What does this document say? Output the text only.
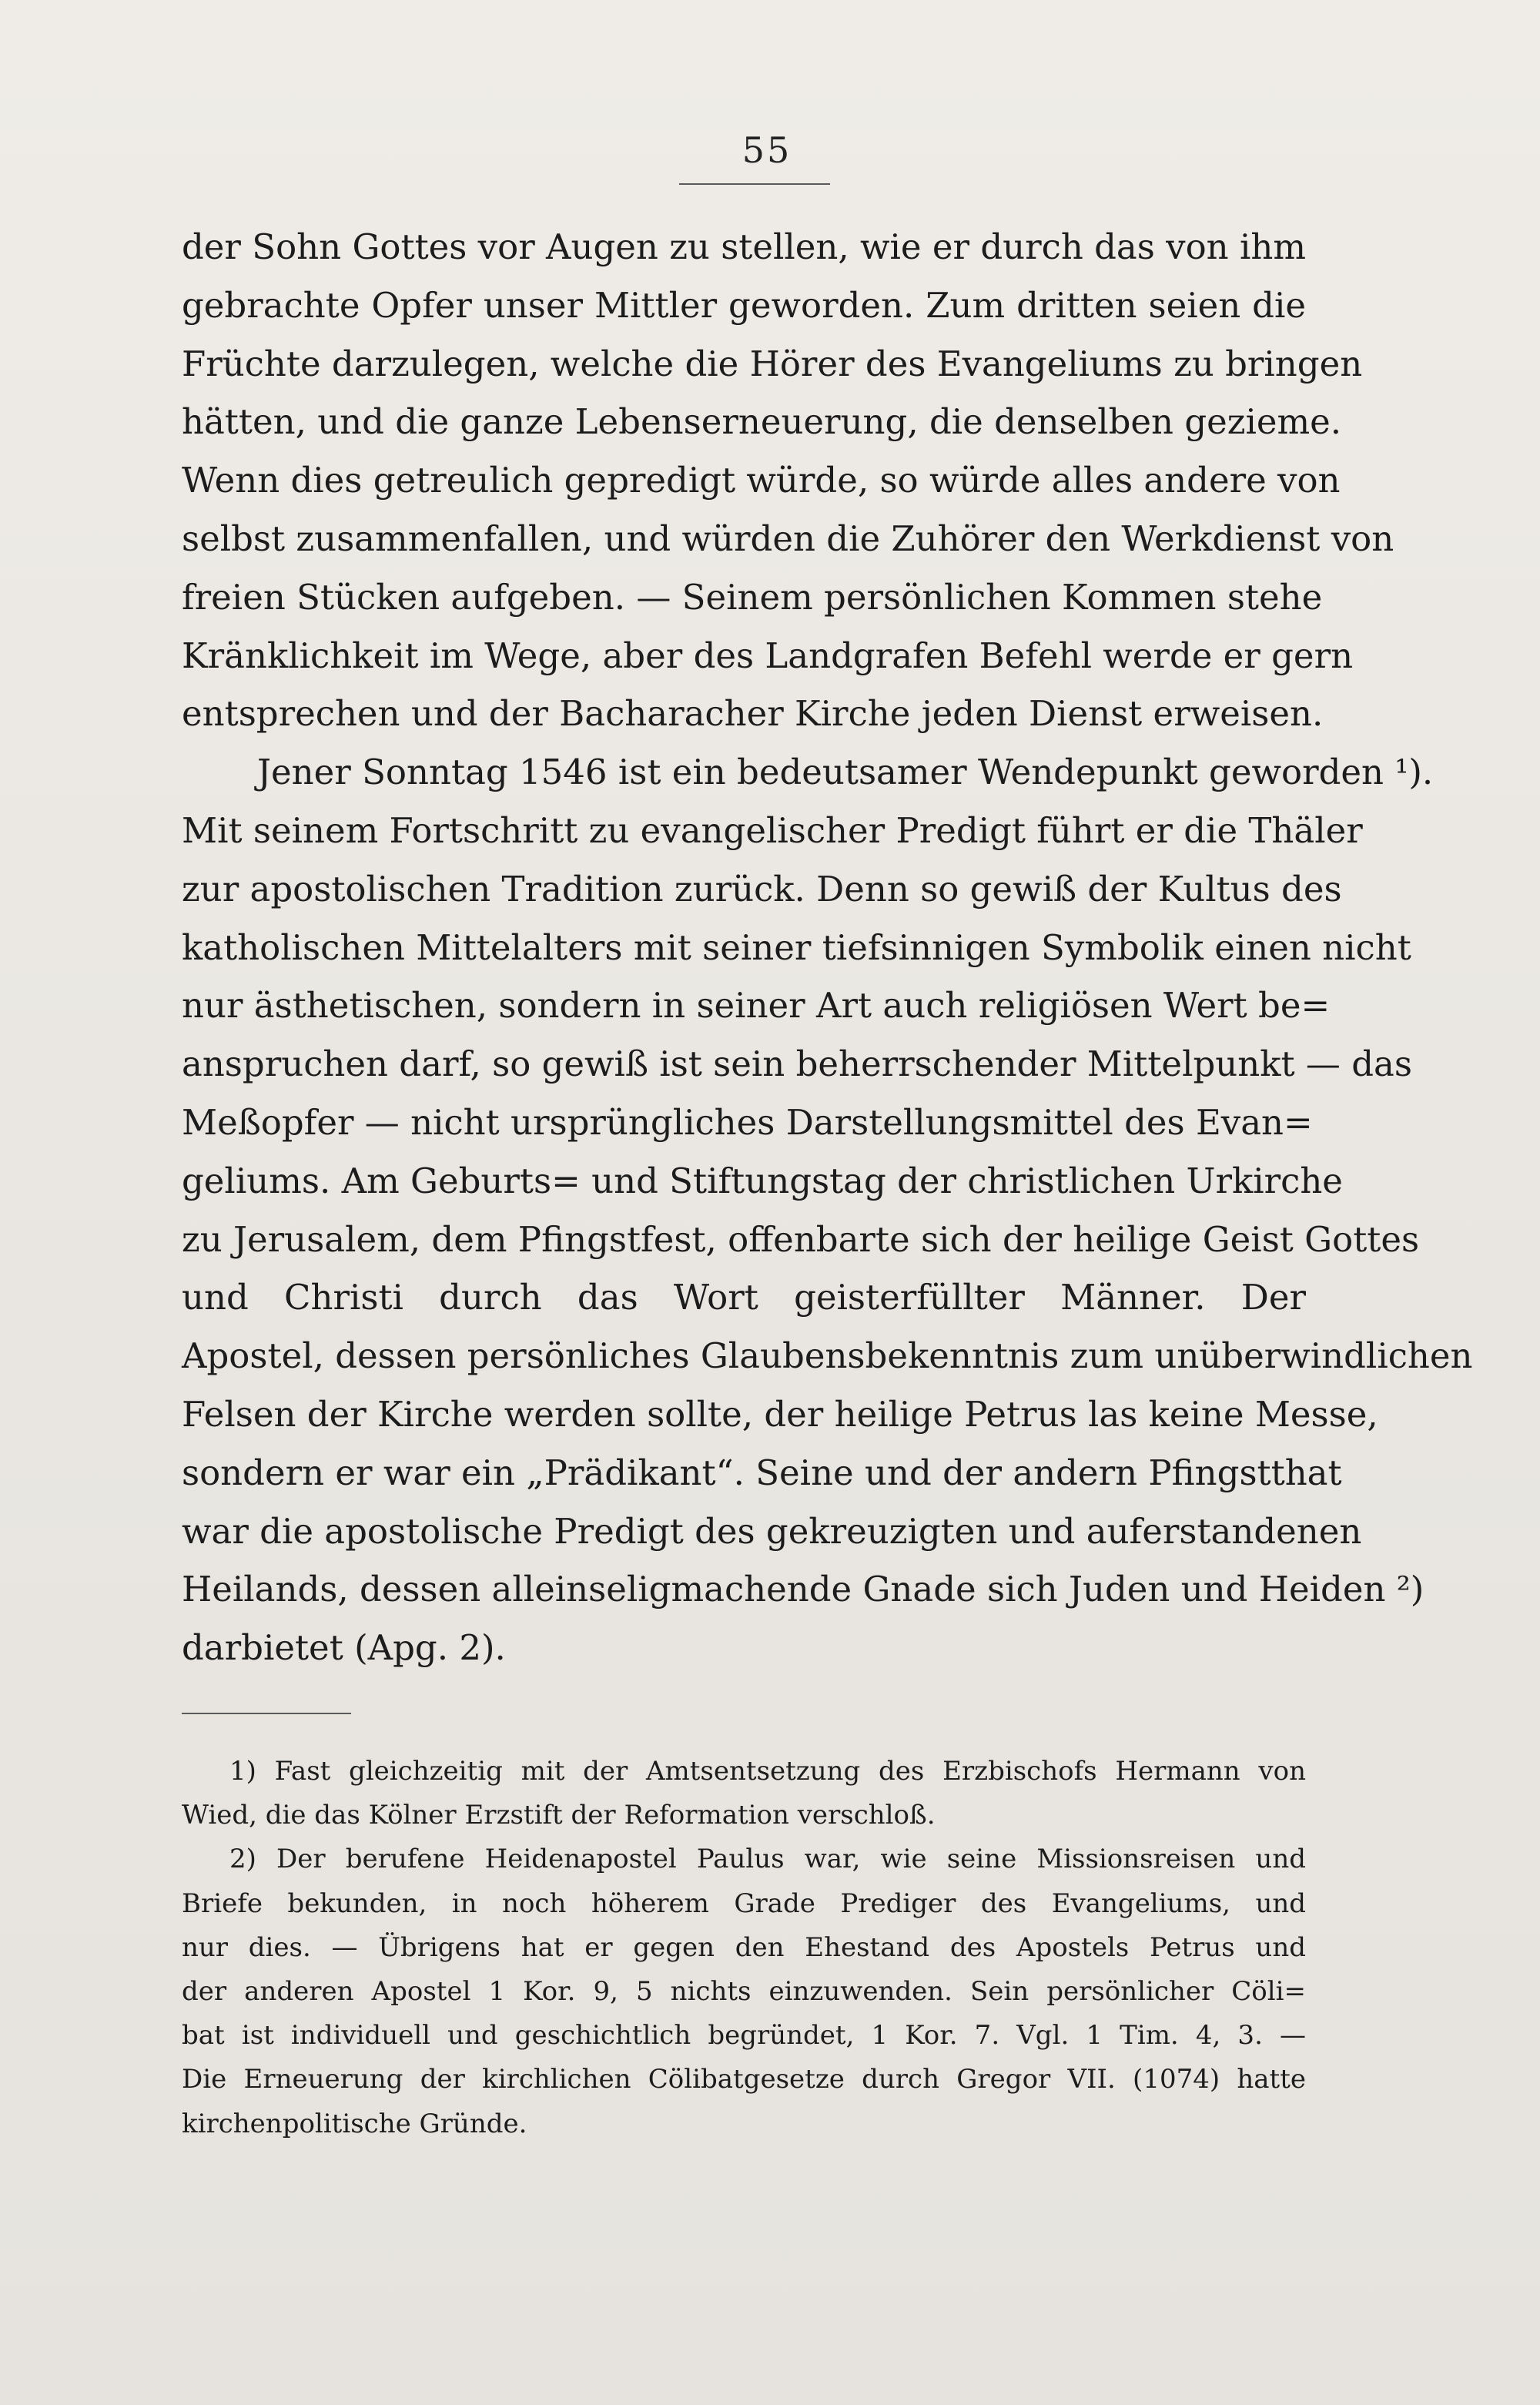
55
der Sohn Gottes vor Augen zu stellen, wie er durch das von ihm
gebrachte Opfer unser Mittler geworden. Zum dritten seien die
Früchte darzulegen, welche die Hörer des Evangeliums zu bringen
hätten, und die ganze Lebenserneuerung, die denselben gezieme.
Wenn dies getreulich gepredigt würde, so würde alles andere von
selbst zusammenfallen, und würden die Zuhörer den Werkdienst von
freien Stücken aufgeben. — Seinem persönlichen Kommen stehe
Kränklichkeit im Wege, aber des Landgrafen Befehl werde er gern
entsprechen und der Bacharacher Kirche jeden Dienst erweisen.
Jener Sonntag 1546 ist ein bedeutsamer Wendepunkt geworden ¹).
Mit seinem Fortschritt zu evangelischer Predigt führt er die Thäler
zur apostolischen Tradition zurück. Denn so gewiß der Kultus des
katholischen Mittelalters mit seiner tiefsinnigen Symbolik einen nicht
nur ästhetischen, sondern in seiner Art auch religiösen Wert be=
anspruchen darf, so gewiß ist sein beherrschender Mittelpunkt — das
Meßopfer — nicht ursprüngliches Darstellungsmittel des Evan=
geliums. Am Geburts= und Stiftungstag der christlichen Urkirche
zu Jerusalem, dem Pfingstfest, offenbarte sich der heilige Geist Gottes
und Christi durch das Wort geisterfüllter Männer. Der
Apostel, dessen persönliches Glaubensbekenntnis zum unüberwindlichen
Felsen der Kirche werden sollte, der heilige Petrus las keine Messe,
sondern er war ein „Prädikant“. Seine und der andern Pfingstthat
war die apostolische Predigt des gekreuzigten und auferstandenen
Heilands, dessen alleinseligmachende Gnade sich Juden und Heiden ²)
darbietet (Apg. 2).
1) Fast gleichzeitig mit der Amtsentsetzung des Erzbischofs Hermann von
Wied, die das Kölner Erzstift der Reformation verschloß.
2) Der berufene Heidenapostel Paulus war, wie seine Missionsreisen und
Briefe bekunden, in noch höherem Grade Prediger des Evangeliums, und
nur dies. — Übrigens hat er gegen den Ehestand des Apostels Petrus und
der anderen Apostel 1 Kor. 9, 5 nichts einzuwenden. Sein persönlicher Cöli=
bat ist individuell und geschichtlich begründet, 1 Kor. 7. Vgl. 1 Tim. 4, 3. —
Die Erneuerung der kirchlichen Cölibatgesetze durch Gregor VII. (1074) hatte
kirchenpolitische Gründe.
